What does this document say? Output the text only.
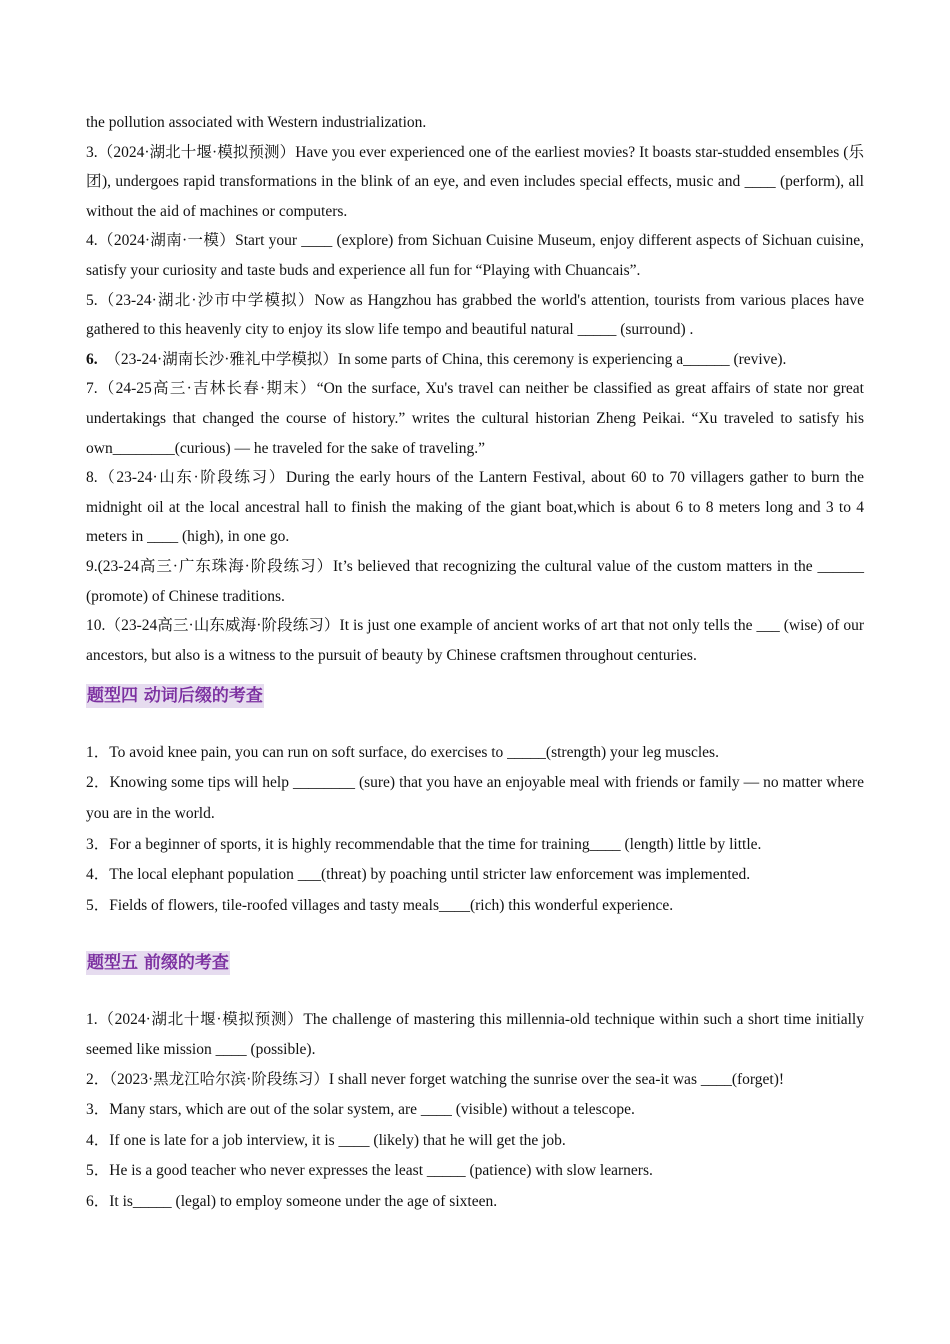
the pollution associated with Western industrialization.

3.（2024·湖北十堰·模拟预测）Have you ever experienced one of the earliest movies? It boasts star-studded ensembles (乐团), undergoes rapid transformations in the blink of an eye, and even includes special effects, music and ____ (perform), all without the aid of machines or computers.

4.（2024·湖南·一模）Start your ____ (explore) from Sichuan Cuisine Museum, enjoy different aspects of Sichuan cuisine, satisfy your curiosity and taste buds and experience all fun for “Playing with Chuancais”.

5.（23-24·湖北·沙市中学模拟）Now as Hangzhou has grabbed the world's attention, tourists from various places have gathered to this heavenly city to enjoy its slow life tempo and beautiful natural _____ (surround) .

6. （23-24·湖南长沙·雅礼中学模拟）In some parts of China, this ceremony is experiencing a______ (revive).

7.（24-25高三·吉林长春·期末）“On the surface, Xu's travel can neither be classified as great affairs of state nor great undertakings that changed the course of history.” writes the cultural historian Zheng Peikai. “Xu traveled to satisfy his own________(curious) — he traveled for the sake of traveling.”

8.（23-24·山东·阶段练习）During the early hours of the Lantern Festival, about 60 to 70 villagers gather to burn the midnight oil at the local ancestral hall to finish the making of the giant boat,which is about 6 to 8 meters long and 3 to 4 meters in ____ (high), in one go.

9.(23-24高三·广东珠海·阶段练习）It’s believed that recognizing the cultural value of the custom matters in the ______ (promote) of Chinese traditions.

10.（23-24高三·山东威海·阶段练习）It is just one example of ancient works of art that not only tells the ___ (wise) of our ancestors, but also is a witness to the pursuit of beauty by Chinese craftsmen throughout centuries.

题型四 动词后缀的考查

1．To avoid knee pain, you can run on soft surface, do exercises to _____(strength) your leg muscles.

2．Knowing some tips will help ________ (sure) that you have an enjoyable meal with friends or family — no matter where you are in the world.

3．For a beginner of sports, it is highly recommendable that the time for training____ (length) little by little.

4．The local elephant population ___(threat) by poaching until stricter law enforcement was implemented.

5．Fields of flowers, tile-roofed villages and tasty meals____(rich) this wonderful experience.

题型五 前缀的考查

1.（2024·湖北十堰·模拟预测）The challenge of mastering this millennia-old technique within such a short time initially seemed like mission ____ (possible).

2．（2023·黑龙江哈尔滨·阶段练习）I shall never forget watching the sunrise over the sea-it was ____(forget)!

3．Many stars, which are out of the solar system, are ____ (visible) without a telescope.

4．If one is late for a job interview, it is ____ (likely) that he will get the job.

5．He is a good teacher who never expresses the least _____ (patience) with slow learners.

6．It is_____ (legal) to employ someone under the age of sixteen.
